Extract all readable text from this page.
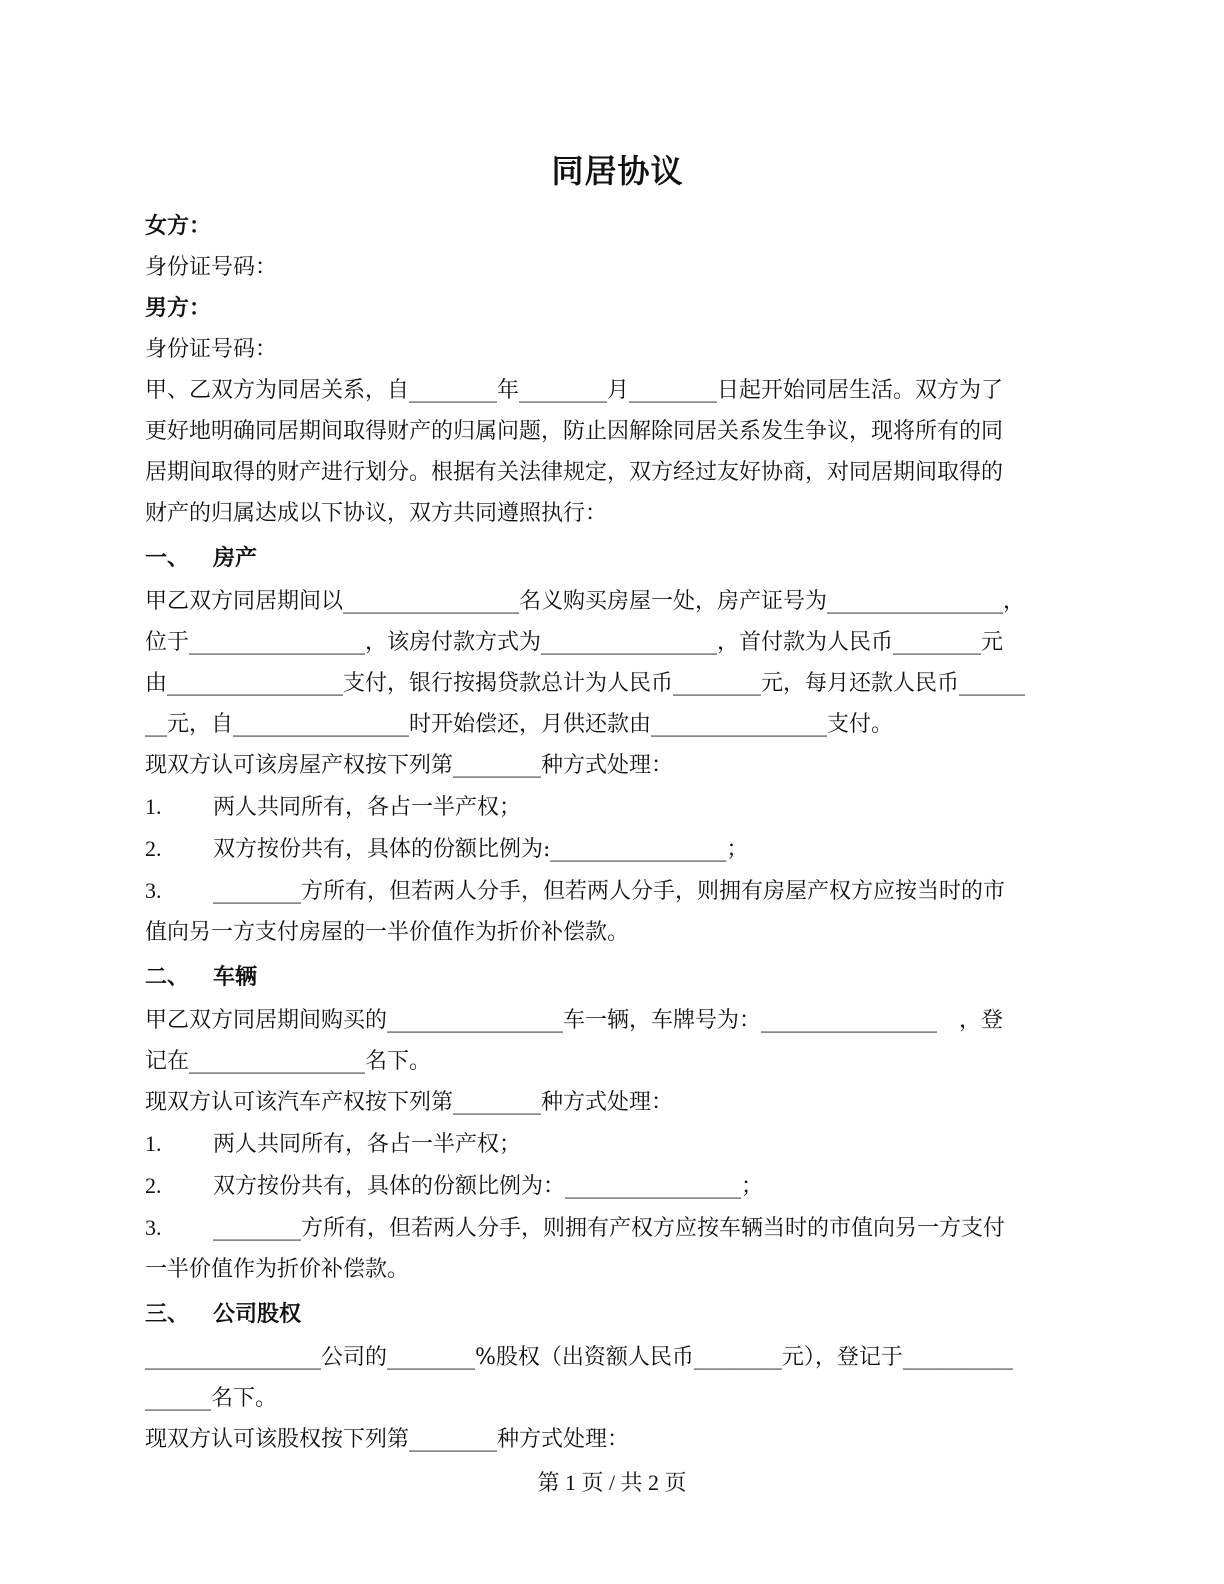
同居协议
女方：
身份证号码：
男方：
身份证号码：
甲、乙双方为同居关系，自________年________月________日起开始同居生活。双方为了
更好地明确同居期间取得财产的归属问题，防止因解除同居关系发生争议，现将所有的同
居期间取得的财产进行划分。根据有关法律规定，双方经过友好协商，对同居期间取得的
财产的归属达成以下协议，双方共同遵照执行：
一、 房产
甲乙双方同居期间以________________名义购买房屋一处，房产证号为________________，
位于________________，该房付款方式为________________，首付款为人民币________元
由________________支付，银行按揭贷款总计为人民币________元，每月还款人民币______
__元，自________________时开始偿还，月供还款由________________支付。
现双方认可该房屋产权按下列第________种方式处理：
1. 两人共同所有，各占一半产权；
2. 双方按份共有，具体的份额比例为:________________；
3. ________方所有，但若两人分手，但若两人分手，则拥有房屋产权方应按当时的市
值向另一方支付房屋的一半价值作为折价补偿款。
二、 车辆
甲乙双方同居期间购买的________________车一辆，车牌号为：________________　，登
记在________________名下。
现双方认可该汽车产权按下列第________种方式处理：
1. 两人共同所有，各占一半产权；
2. 双方按份共有，具体的份额比例为：________________；
3. ________方所有，但若两人分手，则拥有产权方应按车辆当时的市值向另一方支付
一半价值作为折价补偿款。
三、 公司股权
________________公司的________%股权（出资额人民币________元），登记于__________
______名下。
现双方认可该股权按下列第________种方式处理：
第 1 页 / 共 2 页
